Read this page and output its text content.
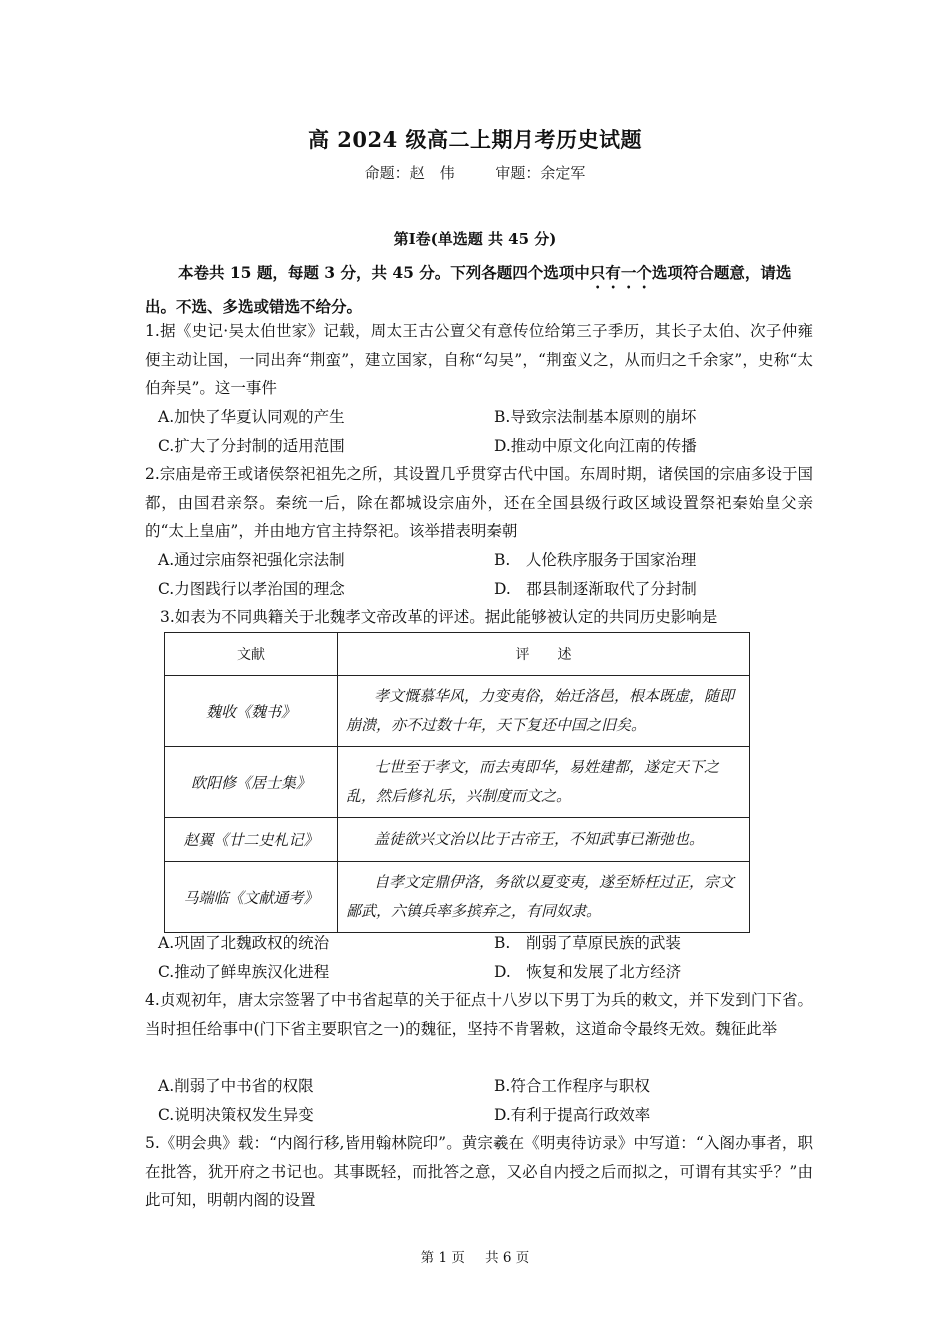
高 2024 级高二上期月考历史试题
命题：赵　伟	审题：余定军
第Ⅰ卷(单选题 共 45 分)
本卷共 15 题，每题 3 分，共 45 分。下列各题四个选项中只有一个选项符合题意，请选出。不选、多选或错选不给分。
1.据《史记·吴太伯世家》记载，周太王古公亶父有意传位给第三子季历，其长子太伯、次子仲雍便主动让国，一同出奔“荆蛮”，建立国家，自称“勾吴”，“荆蛮义之，从而归之千余家”，史称“太伯奔吴”。这一事件
A.加快了华夏认同观的产生	B.导致宗法制基本原则的崩坏
C.扩大了分封制的适用范围	D.推动中原文化向江南的传播
2.宗庙是帝王或诸侯祭祀祖先之所，其设置几乎贯穿古代中国。东周时期，诸侯国的宗庙多设于国都，由国君亲祭。秦统一后，除在都城设宗庙外，还在全国县级行政区域设置祭祀秦始皇父亲的“太上皇庙”，并由地方官主持祭祀。该举措表明秦朝
A.通过宗庙祭祀强化宗法制	B.　人伦秩序服务于国家治理
C.力图践行以孝治国的理念	D.　郡县制逐渐取代了分封制
3.如表为不同典籍关于北魏孝文帝改革的评述。据此能够被认定的共同历史影响是
文献	评　　述
魏收《魏书》	孝文慨慕华风，力变夷俗，始迁洛邑，根本既虚，随即崩溃，亦不过数十年，天下复还中国之旧矣。
欧阳修《居士集》	七世至于孝文，而去夷即华，易姓建都，遂定天下之乱，然后修礼乐，兴制度而文之。
赵翼《廿二史札记》	盖徒欲兴文治以比于古帝王，不知武事已渐弛也。
马端临《文献通考》	自孝文定鼎伊洛，务欲以夏变夷，遂至矫枉过正，宗文鄙武，六镇兵率多摈弃之，有同奴隶。
A.巩固了北魏政权的统治	B.　削弱了草原民族的武装
C.推动了鲜卑族汉化进程	D.　恢复和发展了北方经济
4.贞观初年，唐太宗签署了中书省起草的关于征点十八岁以下男丁为兵的敕文，并下发到门下省。当时担任给事中(门下省主要职官之一)的魏征，坚持不肯署敕，这道命令最终无效。魏征此举
A.削弱了中书省的权限	B.符合工作程序与职权
C.说明决策权发生异变	D.有利于提高行政效率
5.《明会典》载：“内阁行移,皆用翰林院印”。黄宗羲在《明夷待访录》中写道：“入阁办事者，职在批答，犹开府之书记也。其事既轻，而批答之意，又必自内授之后而拟之，可谓有其实乎？”由此可知，明朝内阁的设置
第 1 页 共 6 页
